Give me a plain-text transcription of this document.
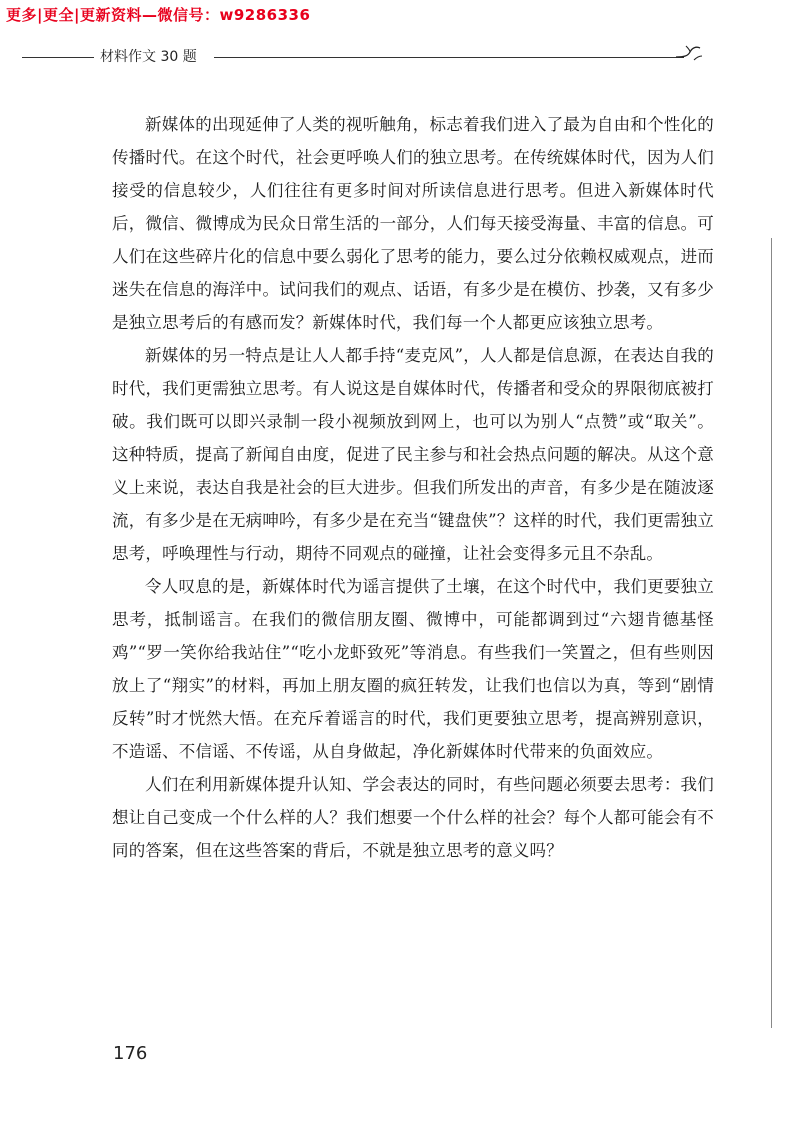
更多|更全|更新资料—微信号：w9286336
材料作文 30 题

新媒体的出现延伸了人类的视听触角，标志着我们进入了最为自由和个性化的传播时代。在这个时代，社会更呼唤人们的独立思考。在传统媒体时代，因为人们接受的信息较少，人们往往有更多时间对所读信息进行思考。但进入新媒体时代后，微信、微博成为民众日常生活的一部分，人们每天接受海量、丰富的信息。可人们在这些碎片化的信息中要么弱化了思考的能力，要么过分依赖权威观点，进而迷失在信息的海洋中。试问我们的观点、话语，有多少是在模仿、抄袭，又有多少是独立思考后的有感而发？新媒体时代，我们每一个人都更应该独立思考。

新媒体的另一特点是让人人都手持“麦克风”，人人都是信息源，在表达自我的时代，我们更需独立思考。有人说这是自媒体时代，传播者和受众的界限彻底被打破。我们既可以即兴录制一段小视频放到网上，也可以为别人“点赞”或“取关”。这种特质，提高了新闻自由度，促进了民主参与和社会热点问题的解决。从这个意义上来说，表达自我是社会的巨大进步。但我们所发出的声音，有多少是在随波逐流，有多少是在无病呻吟，有多少是在充当“键盘侠”？这样的时代，我们更需独立思考，呼唤理性与行动，期待不同观点的碰撞，让社会变得多元且不杂乱。

令人叹息的是，新媒体时代为谣言提供了土壤，在这个时代中，我们更要独立思考，抵制谣言。在我们的微信朋友圈、微博中，可能都调到过“六翅肯德基怪鸡”“罗一笑你给我站住”“吃小龙虾致死”等消息。有些我们一笑置之，但有些则因放上了“翔实”的材料，再加上朋友圈的疯狂转发，让我们也信以为真，等到“剧情反转”时才恍然大悟。在充斥着谣言的时代，我们更要独立思考，提高辨别意识，不造谣、不信谣、不传谣，从自身做起，净化新媒体时代带来的负面效应。

人们在利用新媒体提升认知、学会表达的同时，有些问题必须要去思考：我们想让自己变成一个什么样的人？我们想要一个什么样的社会？每个人都可能会有不同的答案，但在这些答案的背后，不就是独立思考的意义吗？

176
